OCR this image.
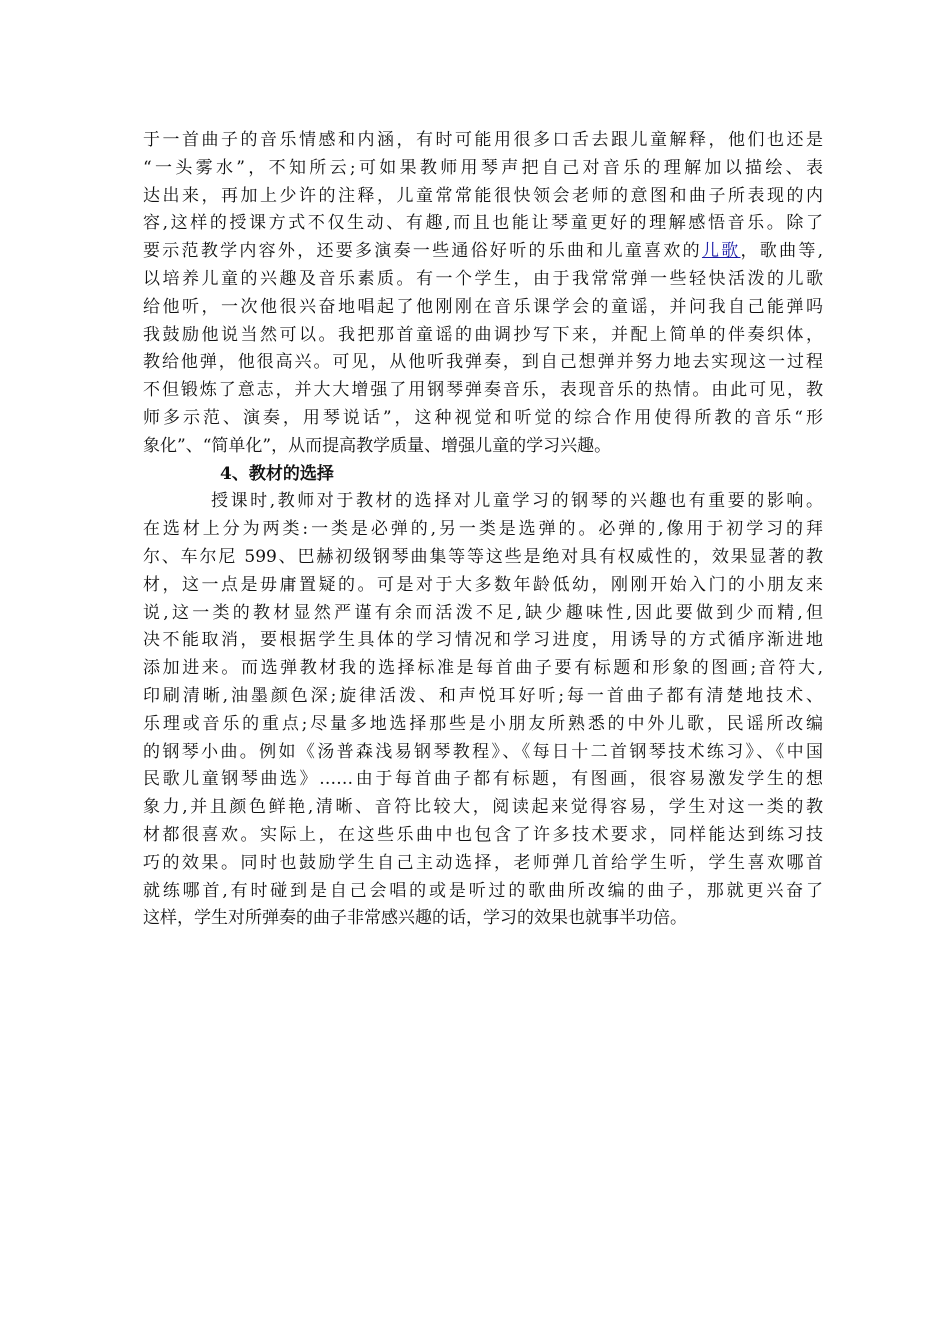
于一首曲子的音乐情感和内涵，有时可能用很多口舌去跟儿童解释，他们也还是
“一头雾水”，不知所云;可如果教师用琴声把自己对音乐的理解加以描绘、表
达出来，再加上少许的注释，儿童常常能很快领会老师的意图和曲子所表现的内
容,这样的授课方式不仅生动、有趣,而且也能让琴童更好的理解感悟音乐。除了
要示范教学内容外，还要多演奏一些通俗好听的乐曲和儿童喜欢的儿歌，歌曲等,
以培养儿童的兴趣及音乐素质。有一个学生，由于我常常弹一些轻快活泼的儿歌
给他听，一次他很兴奋地唱起了他刚刚在音乐课学会的童谣，并问我自己能弹吗
我鼓励他说当然可以。我把那首童谣的曲调抄写下来，并配上简单的伴奏织体，
教给他弹，他很高兴。可见，从他听我弹奏，到自己想弹并努力地去实现这一过程
不但锻炼了意志，并大大增强了用钢琴弹奏音乐，表现音乐的热情。由此可见，教
师多示范、演奏，用琴说话”，这种视觉和听觉的综合作用使得所教的音乐“形
象化”、“简单化”，从而提高教学质量、增强儿童的学习兴趣。
4、教材的选择
授课时,教师对于教材的选择对儿童学习的钢琴的兴趣也有重要的影响。
在选材上分为两类:一类是必弹的,另一类是选弹的。必弹的,像用于初学习的拜
尔、车尔尼 599、巴赫初级钢琴曲集等等这些是绝对具有权威性的，效果显著的教
材，这一点是毋庸置疑的。可是对于大多数年龄低幼，刚刚开始入门的小朋友来
说,这一类的教材显然严谨有余而活泼不足,缺少趣味性,因此要做到少而精,但
决不能取消，要根据学生具体的学习情况和学习进度，用诱导的方式循序渐进地
添加进来。而选弹教材我的选择标准是每首曲子要有标题和形象的图画;音符大,
印刷清晰,油墨颜色深;旋律活泼、和声悦耳好听;每一首曲子都有清楚地技术、
乐理或音乐的重点;尽量多地选择那些是小朋友所熟悉的中外儿歌，民谣所改编
的钢琴小曲。例如《汤普森浅易钢琴教程》、《每日十二首钢琴技术练习》、《中国
民歌儿童钢琴曲选》……由于每首曲子都有标题，有图画，很容易激发学生的想
象力,并且颜色鲜艳,清晰、音符比较大，阅读起来觉得容易，学生对这一类的教
材都很喜欢。实际上，在这些乐曲中也包含了许多技术要求，同样能达到练习技
巧的效果。同时也鼓励学生自己主动选择，老师弹几首给学生听，学生喜欢哪首
就练哪首,有时碰到是自己会唱的或是听过的歌曲所改编的曲子，那就更兴奋了
这样，学生对所弹奏的曲子非常感兴趣的话，学习的效果也就事半功倍。
